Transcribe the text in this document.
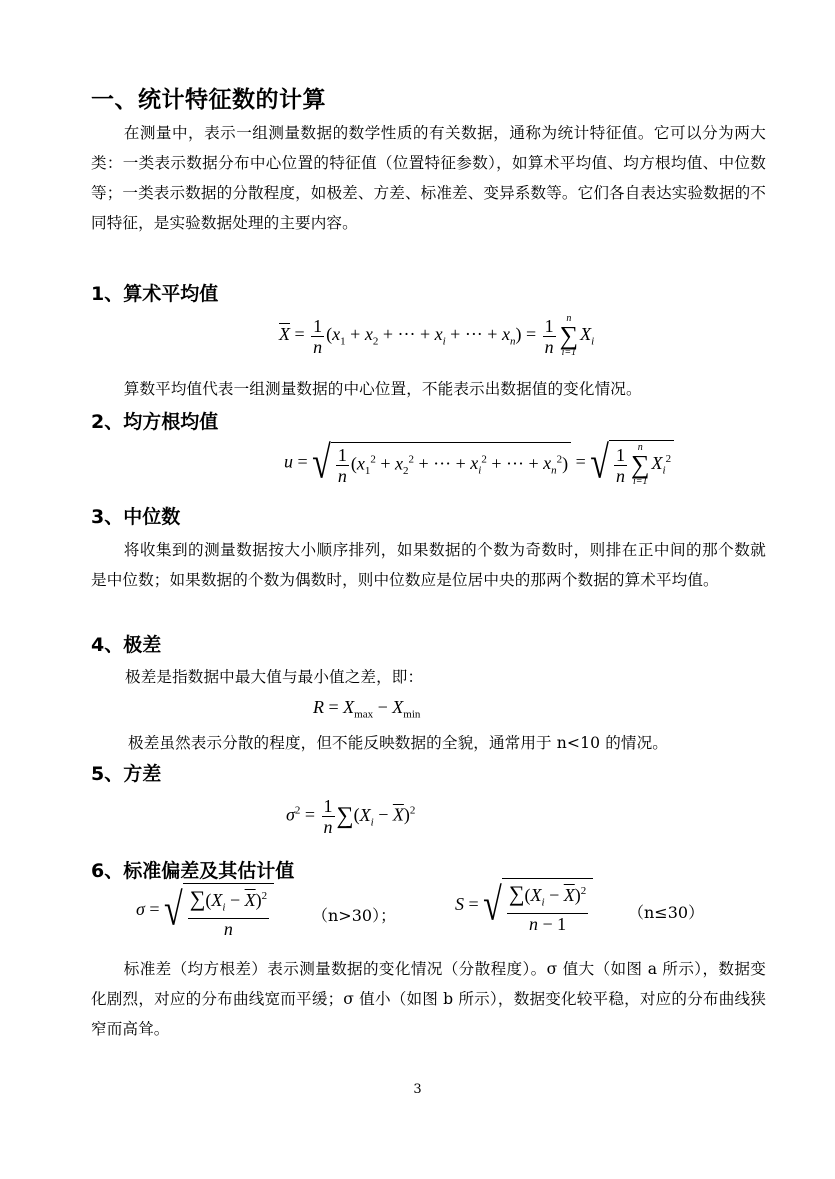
一、统计特征数的计算
在测量中，表示一组测量数据的数学性质的有关数据，通称为统计特征值。它可以分为两大类：一类表示数据分布中心位置的特征值（位置特征参数），如算术平均值、均方根均值、中位数等；一类表示数据的分散程度，如极差、方差、标准差、变异系数等。它们各自表达实验数据的不同特征，是实验数据处理的主要内容。
1、算术平均值
$\overline{X} = \frac{1}{n} (x_1 + x_2$ + ··· + $x_i$ + ··· + $x_n) = \frac{1}{n}$	n
∑
i=1
$X_i$
算数平均值代表一组测量数据的中心位置，不能表示出数据值的变化情况。
2、均方根均值
u = √ $\frac{1}{n} (x_1^2 + x_2^2$ + ··· + $x_i^2$ + ··· + $x_n^2$) = √ $\frac{1}{n}$	n
∑
i=1
$X_i^2$
3、中位数
将收集到的测量数据按大小顺序排列，如果数据的个数为奇数时，则排在正中间的那个数就是中位数；如果数据的个数为偶数时，则中位数应是位居中央的那两个数据的算术平均值。
4、极差
极差是指数据中最大值与最小值之差，即：
$R = X_{max} - X_{min}$
极差虽然表示分散的程度，但不能反映数据的全貌，通常用于 n<10 的情况。
5、方差
$\sigma^2 = \frac{1}{n} \sum(X_i - \overline{X})^2$
6、标准偏差及其估计值
σ = √ $\frac{\sum(X_i - \overline{X})^2}{n}$	（n>30）；
S = √ $\frac{\sum(X_i - \overline{X})^2}{n - 1} (n\le 30)$
标准差（均方根差）表示测量数据的变化情况（分散程度）。σ 值大（如图 a 所示），数据变化剧烈，对应的分布曲线宽而平缓；σ 值小（如图 b 所示），数据变化较平稳，对应的分布曲线狭窄而高耸。
3
